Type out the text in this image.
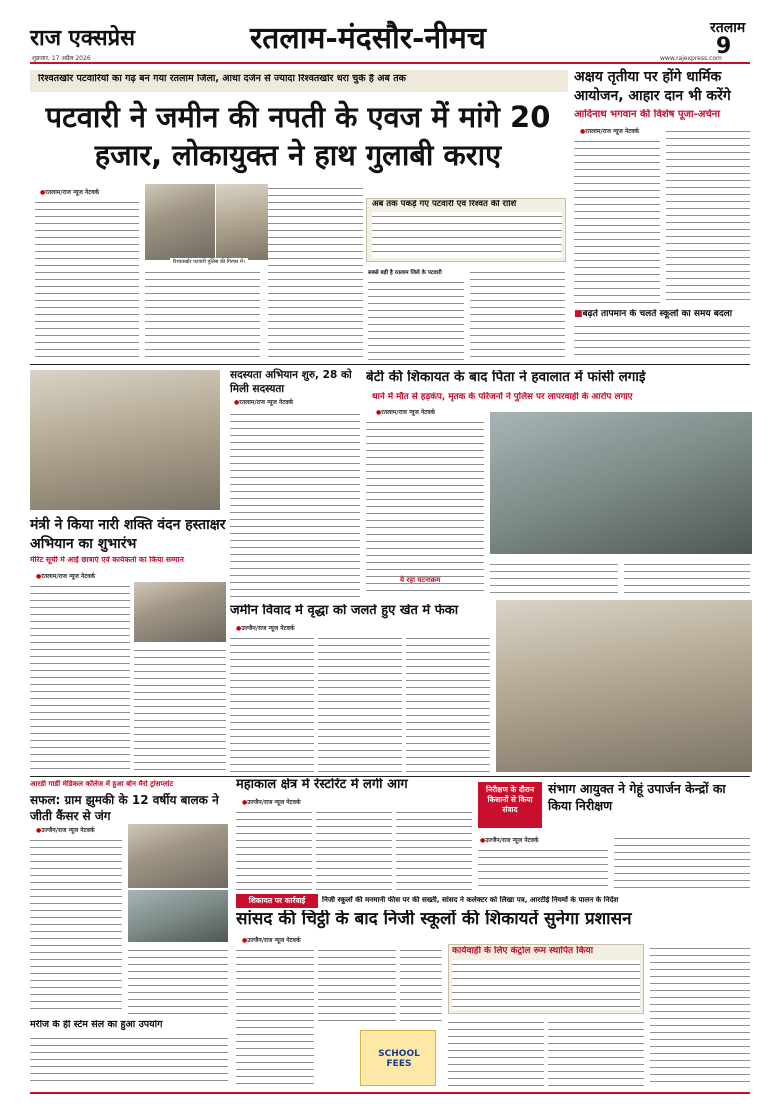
राज एक्सप्रेस
शुक्रवार, 17 अप्रैल 2026
रतलाम-मंदसौर-नीमच	रतलाम
9
www.rajexpress.com
रिश्वतखोर पटवारियों का गढ़ बन गया रतलाम जिला, आधा दर्जन से ज्यादा रिश्वतखोर धरा चुके हैं अब तक
पटवारी ने जमीन की नपती के एवज में मांगे 20 हजार, लोकायुक्त ने हाथ गुलाबी कराए
● रतलाम/राज न्यूज नेटवर्क
रिश्वतखोर पटवारी पुलिस की गिरफ्त में।
अब तक पकड़े गए पटवारी एवं रिश्वत की राशि
सबसे बड़ी है रतलाम जिले के पटवारी
अक्षय तृतीया पर होंगे धार्मिक आयोजन, आहार दान भी करेंगे
आदिनाथ भगवान की विशेष पूजा-अर्चना
● रतलाम/राज न्यूज नेटवर्क
■ बढ़ते तापमान के चलते स्कूलों का समय बदला
मंत्री ने किया नारी शक्ति वंदन हस्ताक्षर अभियान का शुभारंभ
मेरिट सूची में आईं छात्राएं एवं कार्यकर्ता का किया सम्मान
● रतलाम/राज न्यूज नेटवर्क
सदस्यता अभियान शुरु, 28 को मिली सदस्यता
● रतलाम/राज न्यूज नेटवर्क
बेटी की शिकायत के बाद पिता ने हवालात में फांसी लगाई
थाने में मौत से हड़कंप, मृतक के परिजनों ने पुलिस पर लापरवाही के आरोप लगाए
● रतलाम/राज न्यूज नेटवर्क
ये रहा घटनाक्रम
जमीन विवाद में वृद्धा को जलते हुए खेत में फेंका
● उज्जैन/राज न्यूज नेटवर्क
आरडी गार्डी मेडिकल कॉलेज में हुआ बोन मैरो ट्रांसप्लांट
सफल: ग्राम झुमकी के 12 वर्षीय बालक ने जीती कैंसर से जंग
● उज्जैन/राज न्यूज नेटवर्क
महाकाल क्षेत्र में रेस्टोरेंट में लगी आग
● उज्जैन/राज न्यूज नेटवर्क
निरीक्षण के दौरान किसानों से किया संवाद
संभाग आयुक्त ने गेहूं उपार्जन केन्द्रों का किया निरीक्षण
● उज्जैन/राज न्यूज नेटवर्क
शिकायत पर कार्रवाई	निजी स्कूलों की मनमानी फीस पर की सख्ती, सांसद ने कलेक्टर को लिखा पत्र, आरटीई नियमों के पालन के निर्देश
सांसद की चिट्ठी के बाद निजी स्कूलों की शिकायतें सुनेगा प्रशासन
● उज्जैन/राज न्यूज नेटवर्क
SCHOOL FEES
कार्यवाही के लिए कंट्रोल रूम स्थापित किया
मरीज के ही स्टेम सेल का हुआ उपयोग
